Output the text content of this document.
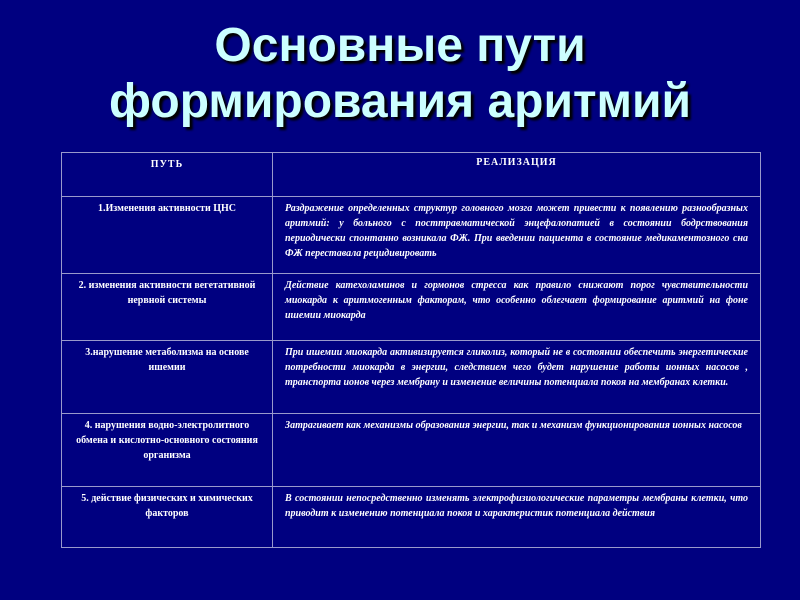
Основные пути
формирования аритмий
ПУТЬ	РЕАЛИЗАЦИЯ
1.Изменения активности ЦНС	Раздражение определенных структур головного мозга может привести к появлению разнообразных аритмий: у больного с посттравматической энцефалопатией в состоянии бодрствования периодически спонтанно возникала ФЖ. При введении пациента в состояние медикаментозного сна ФЖ переставала рецидивировать
2. изменения активности вегетативной нервной системы	Действие катехоламинов и гормонов стресса как правило снижают порог чувствительности миокарда к аритмогенным факторам, что особенно облегчает формирование аритмий на фоне ишемии миокарда
3.нарушение метаболизма на основе ишемии	При ишемии миокарда активизируется гликолиз, который не в состоянии обеспечить энергетические потребности миокарда в энергии, следствием чего будет нарушение работы ионных насосов , транспорта ионов через мембрану и изменение величины потенциала покоя на мембранах клетки.
4. нарушения водно-электролитного обмена и кислотно-основного состояния организма	Затрагивает как механизмы образования энергии, так и механизм функционирования ионных насосов
5. действие физических и химических факторов	В состоянии непосредственно изменять электрофизиологические параметры мембраны клетки, что приводит к изменению потенциала покоя и характеристик потенциала действия
